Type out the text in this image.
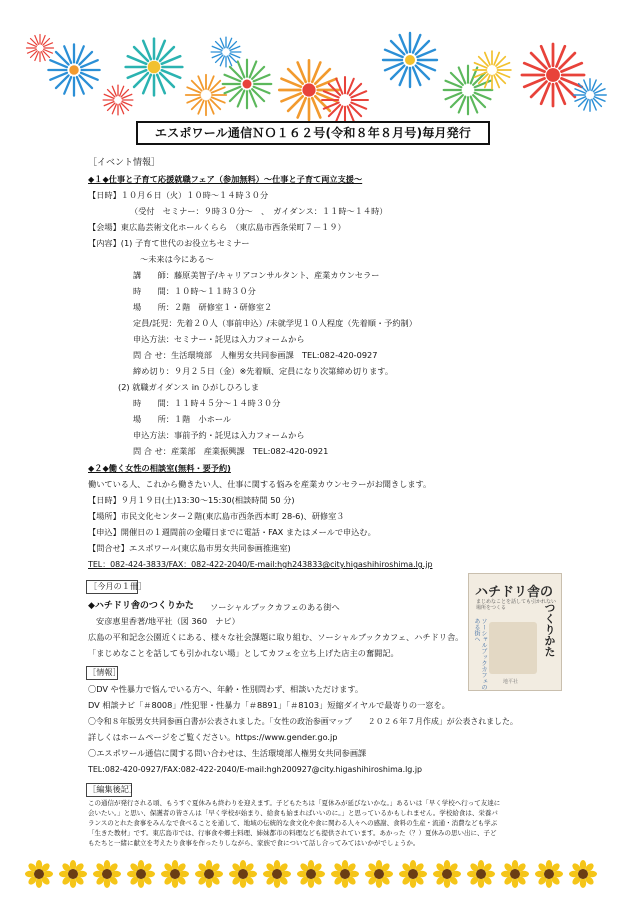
エスポワール通信ＮＯ１６２号(令和８年８月号)毎月発行
［イベント情報］
◆１◆仕事と子育て応援就職フェア（参加無料）～仕事と子育て両立支援～
【日時】１０月６日（火）１０時～１４時３０分
（受付　セミナー：９時３０分～　、　ガイダンス：１１時～１４時）
【会場】東広島芸術文化ホールくらら　（東広島市西条栄町７－１９）
【内容】(1) 子育て世代のお役立ちセミナー
～未来は今にある～
講　　師：藤原美智子/キャリアコンサルタント、産業カウンセラー
時　　間：１０時～１１時３０分
場　　所：２階　研修室１・研修室２
定員/託児：先着２０人（事前申込）/未就学児１０人程度（先着順・予約制）
申込方法：セミナー・託児は入力フォームから
問 合 せ：生活環境部　人権男女共同参画課　TEL:082-420-0927
締め切り：９月２５日（金）※先着順、定員になり次第締め切ります。
(2) 就職ガイダンス in ひがしひろしま
時　　間：１１時４５分～１４時３０分
場　　所：１階　小ホール
申込方法：事前予約・託児は入力フォームから
問 合 せ：産業部　産業振興課　TEL:082-420-0921
◆２◆働く女性の相談室(無料・要予約)
働いている人、これから働きたい人、仕事に関する悩みを産業カウンセラーがお聞きします。
【日時】９月１９日(土)13:30～15:30(相談時間 50 分)
【場所】市民文化センター２階(東広島市西条西本町 28-6)、研修室３
【申込】開催日の１週間前の金曜日までに電話・FAX またはメールで申込む。
【問合せ】エスポワール(東広島市男女共同参画推進室)
TEL：082-424-3833/FAX：082-422-2040/E-mail:hgh243833@city.higashihiroshima.lg.jp
［今月の１冊］
◆ハチドリ舎のつくりかた ソーシャルブックカフェのある街へ
安彦恵里香著/地平社（図 360　ナビ）
広島の平和記念公園近くにある、様々な社会課題に取り組む、ソーシャルブックカフェ、ハチドリ舎。
「まじめなことを話しても引かれない場」としてカフェを立ち上げた店主の奮闘記。
ハチドリ舎の
まじめなことを話しても引かれない場所をつくる
ソーシャルブックカフェのある街へ	つくりかた
地平社
［情報］
〇DV や性暴力で悩んでいる方へ、年齢・性別問わず、相談いただけます。
DV 相談ナビ「＃8008」/性犯罪・性暴力「＃8891」「＃8103」短縮ダイヤルで最寄りの一窓を。
〇令和８年版男女共同参画白書が公表されました。「女性の政治参画マップ　　２０２６年７月作成」が公表されました。
詳しくはホームページをご覧ください。https://www.gender.go.jp
〇エスポワール通信に関する問い合わせは、生活環境部人権男女共同参画課
TEL:082-420-0927/FAX:082-422-2040/E-mail:hgh200927@city.higashihiroshima.lg.jp
［編集後記］
この通信が発行される頃、もうすぐ夏休みも終わりを迎えます。子どもたちは「夏休みが延びないかな。」あるいは「早く学校へ行って友達に
会いたい。」と思い、保護者の皆さんは「早く学校が始まり、給食も始まればいいのに。」と思っているかもしれません。学校給食は、栄養バ
ランスのとれた食事をみんなで食べることを通して、地域の伝統的な食文化や食に関わる人々への感謝、食料の生産・流通・消費なども学ぶ
「生きた教材」です。東広島市では、行事食や郷土料理、姉妹都市の料理なども提供されています。あかった（？）夏休みの思い出に、子ど
もたちと一緒に献立を考えたり食事を作ったりしながら、家族で食について話し合ってみてはいかがでしょうか。
